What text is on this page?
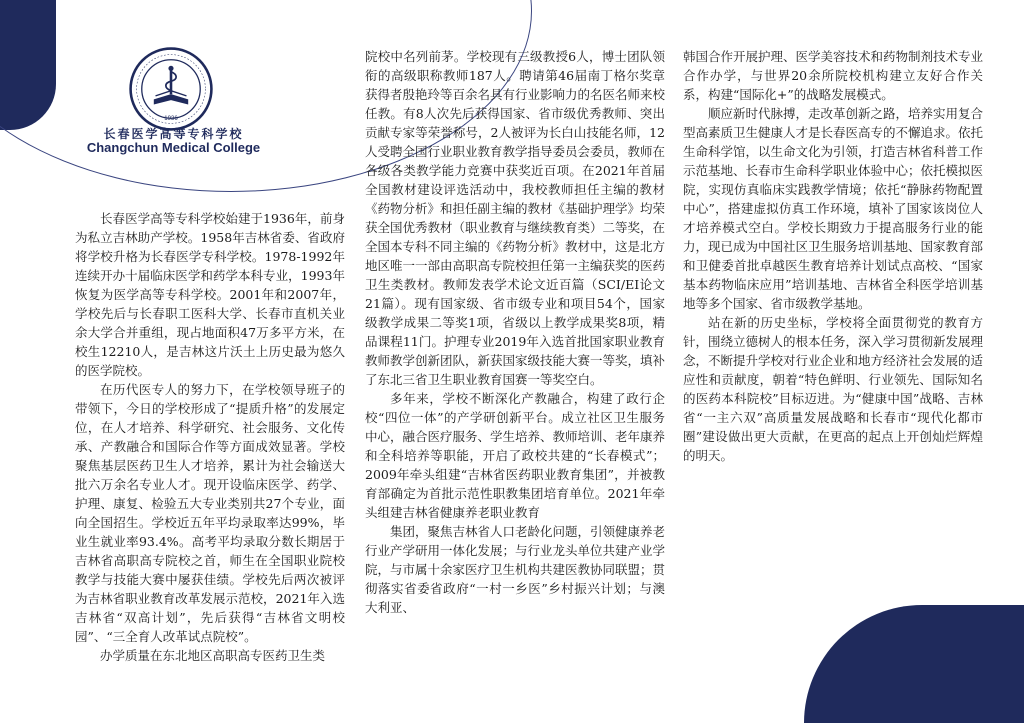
1936

长春医学高等专科学校

Changchun Medical College

长春医学高等专科学校始建于1936年，前身为私立吉林助产学校。1958年吉林省委、省政府将学校升格为长春医学专科学校。1978-1992年连续开办十届临床医学和药学本科专业，1993年恢复为医学高等专科学校。2001年和2007年，学校先后与长春职工医科大学、长春市直机关业余大学合并重组，现占地面积47万多平方米，在校生12210人，是吉林这片沃土上历史最为悠久的医学院校。

在历代医专人的努力下，在学校领导班子的带领下，今日的学校形成了“提质升格”的发展定位，在人才培养、科学研究、社会服务、文化传承、产教融合和国际合作等方面成效显著。学校聚焦基层医药卫生人才培养，累计为社会输送大批六万余名专业人才。现开设临床医学、药学、护理、康复、检验五大专业类别共27个专业，面向全国招生。学校近五年平均录取率达99%，毕业生就业率93.4%。高考平均录取分数长期居于吉林省高职高专院校之首，师生在全国职业院校教学与技能大赛中屡获佳绩。学校先后两次被评为吉林省职业教育改革发展示范校，2021年入选吉林省“双高计划”，先后获得“吉林省文明校园”、“三全育人改革试点院校”。

办学质量在东北地区高职高专医药卫生类

院校中名列前茅。学校现有三级教授6人，博士团队领衔的高级职称教师187人。聘请第46届南丁格尔奖章获得者殷艳玲等百余名具有行业影响力的名医名师来校任教。有8人次先后获得国家、省市级优秀教师、突出贡献专家等荣誉称号，2人被评为长白山技能名师，12人受聘全国行业职业教育教学指导委员会委员，教师在各级各类教学能力竞赛中获奖近百项。在2021年首届全国教材建设评选活动中，我校教师担任主编的教材《药物分析》和担任副主编的教材《基础护理学》均荣获全国优秀教材（职业教育与继续教育类）二等奖，在全国本专科不同主编的《药物分析》教材中，这是北方地区唯一一部由高职高专院校担任第一主编获奖的医药卫生类教材。教师发表学术论文近百篇（SCI/EI论文21篇）。现有国家级、省市级专业和项目54个，国家级教学成果二等奖1项，省级以上教学成果奖8项，精品课程11门。护理专业2019年入选首批国家职业教育教师教学创新团队，新获国家级技能大赛一等奖，填补了东北三省卫生职业教育国赛一等奖空白。

多年来，学校不断深化产教融合，构建了政行企校“四位一体”的产学研创新平台。成立社区卫生服务中心，融合医疗服务、学生培养、教师培训、老年康养和全科培养等职能，开启了政校共建的“长春模式”；2009年牵头组建“吉林省医药职业教育集团”，并被教育部确定为首批示范性职教集团培育单位。2021年牵头组建吉林省健康养老职业教育

集团，聚焦吉林省人口老龄化问题，引领健康养老行业产学研用一体化发展；与行业龙头单位共建产业学院，与市属十余家医疗卫生机构共建医教协同联盟；贯彻落实省委省政府“一村一乡医”乡村振兴计划；与澳大利亚、

韩国合作开展护理、医学美容技术和药物制剂技术专业合作办学，与世界20余所院校机构建立友好合作关系，构建“国际化+”的战略发展模式。

顺应新时代脉搏，走改革创新之路，培养实用复合型高素质卫生健康人才是长春医高专的不懈追求。依托生命科学馆，以生命文化为引领，打造吉林省科普工作示范基地、长春市生命科学职业体验中心；依托模拟医院，实现仿真临床实践教学情境；依托“静脉药物配置中心”，搭建虚拟仿真工作环境，填补了国家该岗位人才培养模式空白。学校长期致力于提高服务行业的能力，现已成为中国社区卫生服务培训基地、国家教育部和卫健委首批卓越医生教育培养计划试点高校、“国家基本药物临床应用”培训基地、吉林省全科医学培训基地等多个国家、省市级教学基地。

站在新的历史坐标，学校将全面贯彻党的教育方针，围绕立德树人的根本任务，深入学习贯彻新发展理念，不断提升学校对行业企业和地方经济社会发展的适应性和贡献度，朝着“特色鲜明、行业领先、国际知名的医药本科院校”目标迈进。为“健康中国”战略、吉林省“一主六双”高质量发展战略和长春市“现代化都市圈”建设做出更大贡献，在更高的起点上开创灿烂辉煌的明天。
